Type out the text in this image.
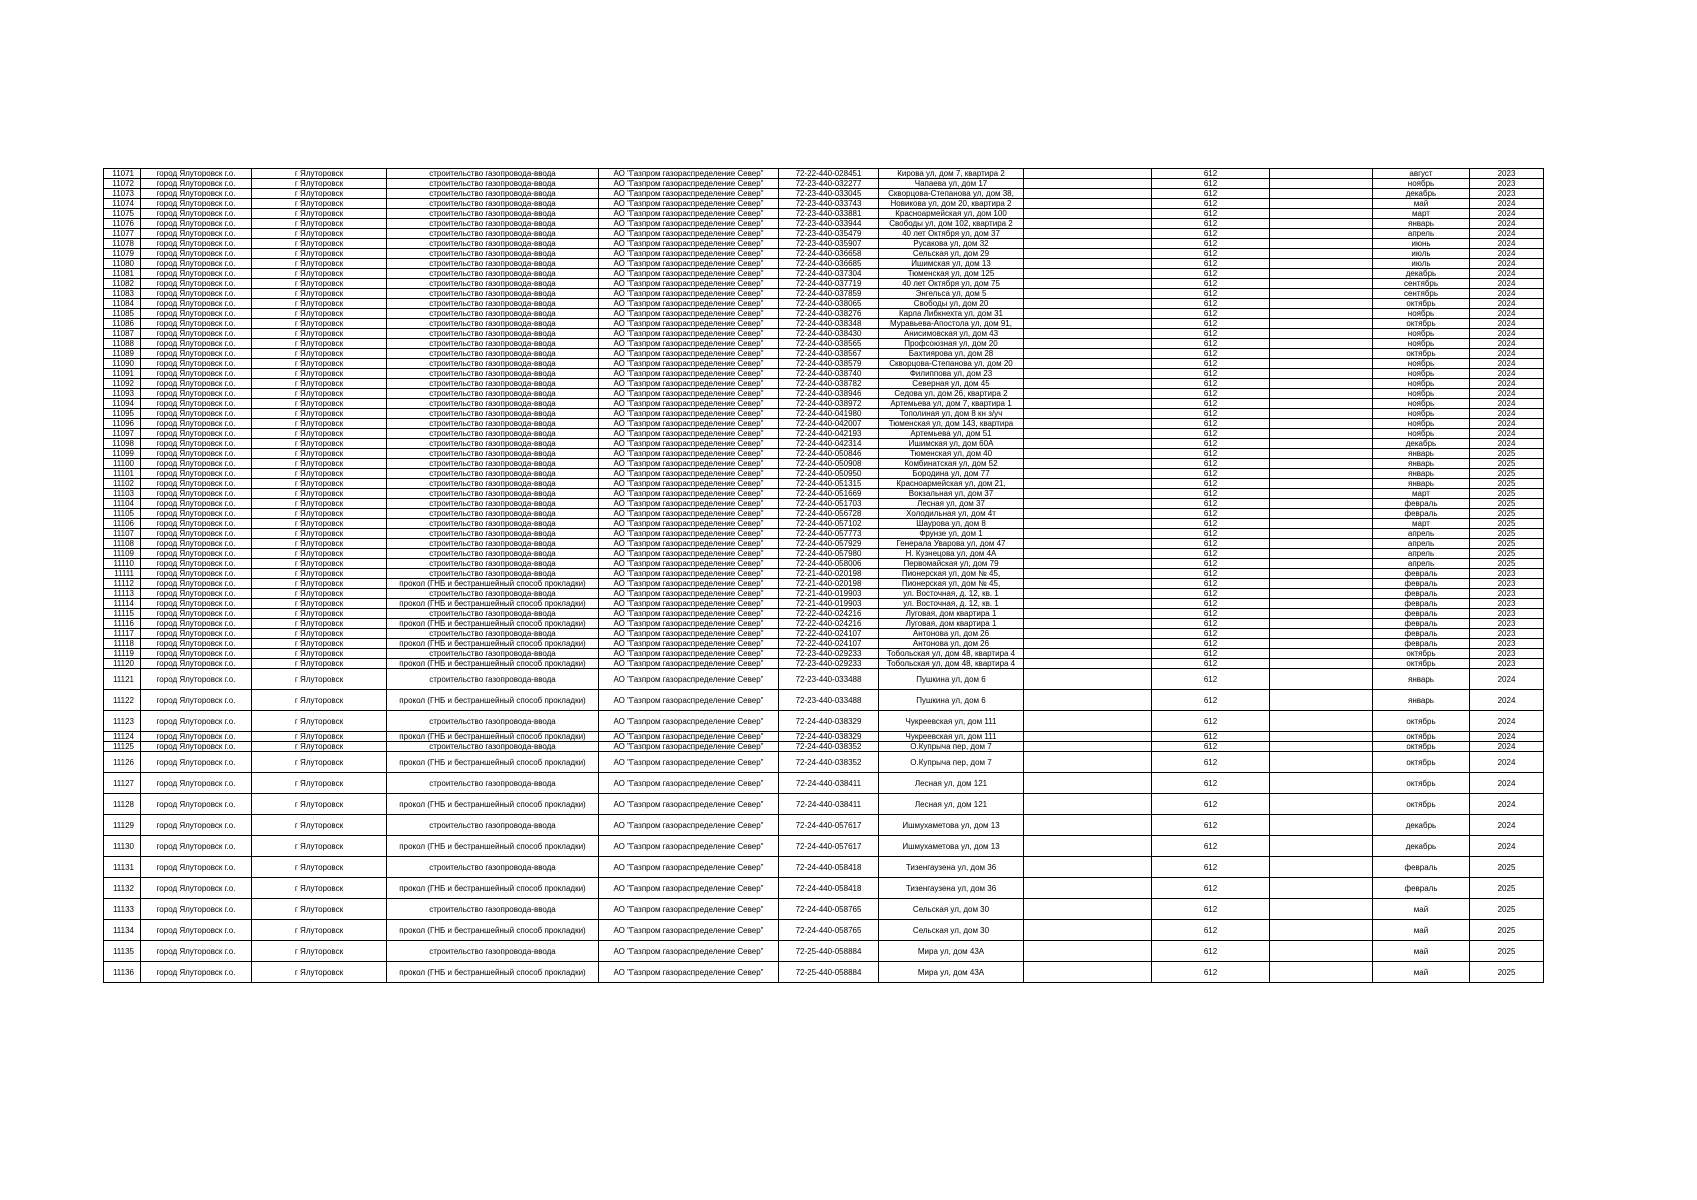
11071	город Ялуторовск г.о.	г Ялуторовск	строительство газопровода-ввода	АО "Газпром газораспределение Север"	72-22-440-028451	Кирова ул, дом 7, квартира 2		612		август	2023
11072	город Ялуторовск г.о.	г Ялуторовск	строительство газопровода-ввода	АО "Газпром газораспределение Север"	72-23-440-032277	Чапаева ул, дом 17		612		ноябрь	2023
11073	город Ялуторовск г.о.	г Ялуторовск	строительство газопровода-ввода	АО "Газпром газораспределение Север"	72-23-440-033045	Скворцова-Степанова ул, дом 38,		612		декабрь	2023
11074	город Ялуторовск г.о.	г Ялуторовск	строительство газопровода-ввода	АО "Газпром газораспределение Север"	72-23-440-033743	Новикова ул, дом 20, квартира 2		612		май	2024
11075	город Ялуторовск г.о.	г Ялуторовск	строительство газопровода-ввода	АО "Газпром газораспределение Север"	72-23-440-033881	Красноармейская ул, дом 100		612		март	2024
11076	город Ялуторовск г.о.	г Ялуторовск	строительство газопровода-ввода	АО "Газпром газораспределение Север"	72-23-440-033944	Свободы ул, дом 102, квартира 2		612		январь	2024
11077	город Ялуторовск г.о.	г Ялуторовск	строительство газопровода-ввода	АО "Газпром газораспределение Север"	72-23-440-035479	40 лет Октября ул, дом 37		612		апрель	2024
11078	город Ялуторовск г.о.	г Ялуторовск	строительство газопровода-ввода	АО "Газпром газораспределение Север"	72-23-440-035907	Русакова ул, дом 32		612		июнь	2024
11079	город Ялуторовск г.о.	г Ялуторовск	строительство газопровода-ввода	АО "Газпром газораспределение Север"	72-24-440-036658	Сельская ул, дом 29		612		июль	2024
11080	город Ялуторовск г.о.	г Ялуторовск	строительство газопровода-ввода	АО "Газпром газораспределение Север"	72-24-440-036685	Ишимская ул, дом 13		612		июль	2024
11081	город Ялуторовск г.о.	г Ялуторовск	строительство газопровода-ввода	АО "Газпром газораспределение Север"	72-24-440-037304	Тюменская ул, дом 125		612		декабрь	2024
11082	город Ялуторовск г.о.	г Ялуторовск	строительство газопровода-ввода	АО "Газпром газораспределение Север"	72-24-440-037719	40 лет Октября ул, дом 75		612		сентябрь	2024
11083	город Ялуторовск г.о.	г Ялуторовск	строительство газопровода-ввода	АО "Газпром газораспределение Север"	72-24-440-037859	Энгельса ул, дом 5		612		сентябрь	2024
11084	город Ялуторовск г.о.	г Ялуторовск	строительство газопровода-ввода	АО "Газпром газораспределение Север"	72-24-440-038065	Свободы ул, дом 20		612		октябрь	2024
11085	город Ялуторовск г.о.	г Ялуторовск	строительство газопровода-ввода	АО "Газпром газораспределение Север"	72-24-440-038276	Карла Либкнехта ул, дом 31		612		ноябрь	2024
11086	город Ялуторовск г.о.	г Ялуторовск	строительство газопровода-ввода	АО "Газпром газораспределение Север"	72-24-440-038348	Муравьева-Апостола ул, дом 91,		612		октябрь	2024
11087	город Ялуторовск г.о.	г Ялуторовск	строительство газопровода-ввода	АО "Газпром газораспределение Север"	72-24-440-038430	Анисимовская ул, дом 43		612		ноябрь	2024
11088	город Ялуторовск г.о.	г Ялуторовск	строительство газопровода-ввода	АО "Газпром газораспределение Север"	72-24-440-038565	Профсоюзная ул, дом 20		612		ноябрь	2024
11089	город Ялуторовск г.о.	г Ялуторовск	строительство газопровода-ввода	АО "Газпром газораспределение Север"	72-24-440-038567	Бахтиярова ул, дом 28		612		октябрь	2024
11090	город Ялуторовск г.о.	г Ялуторовск	строительство газопровода-ввода	АО "Газпром газораспределение Север"	72-24-440-038579	Скворцова-Степанова ул, дом 20		612		ноябрь	2024
11091	город Ялуторовск г.о.	г Ялуторовск	строительство газопровода-ввода	АО "Газпром газораспределение Север"	72-24-440-038740	Филиппова ул, дом 23		612		ноябрь	2024
11092	город Ялуторовск г.о.	г Ялуторовск	строительство газопровода-ввода	АО "Газпром газораспределение Север"	72-24-440-038782	Северная ул, дом 45		612		ноябрь	2024
11093	город Ялуторовск г.о.	г Ялуторовск	строительство газопровода-ввода	АО "Газпром газораспределение Север"	72-24-440-038946	Седова ул, дом 26, квартира 2		612		ноябрь	2024
11094	город Ялуторовск г.о.	г Ялуторовск	строительство газопровода-ввода	АО "Газпром газораспределение Север"	72-24-440-038972	Артемьева ул, дом 7, квартира 1		612		ноябрь	2024
11095	город Ялуторовск г.о.	г Ялуторовск	строительство газопровода-ввода	АО "Газпром газораспределение Север"	72-24-440-041980	Тополиная ул, дом 8 кн з/уч		612		ноябрь	2024
11096	город Ялуторовск г.о.	г Ялуторовск	строительство газопровода-ввода	АО "Газпром газораспределение Север"	72-24-440-042007	Тюменская ул, дом 143, квартира		612		ноябрь	2024
11097	город Ялуторовск г.о.	г Ялуторовск	строительство газопровода-ввода	АО "Газпром газораспределение Север"	72-24-440-042193	Артемьева ул, дом 51		612		ноябрь	2024
11098	город Ялуторовск г.о.	г Ялуторовск	строительство газопровода-ввода	АО "Газпром газораспределение Север"	72-24-440-042314	Ишимская ул, дом 60А		612		декабрь	2024
11099	город Ялуторовск г.о.	г Ялуторовск	строительство газопровода-ввода	АО "Газпром газораспределение Север"	72-24-440-050846	Тюменская ул, дом 40		612		январь	2025
11100	город Ялуторовск г.о.	г Ялуторовск	строительство газопровода-ввода	АО "Газпром газораспределение Север"	72-24-440-050908	Комбинатская ул, дом 52		612		январь	2025
11101	город Ялуторовск г.о.	г Ялуторовск	строительство газопровода-ввода	АО "Газпром газораспределение Север"	72-24-440-050950	Бородина ул, дом 77		612		январь	2025
11102	город Ялуторовск г.о.	г Ялуторовск	строительство газопровода-ввода	АО "Газпром газораспределение Север"	72-24-440-051315	Красноармейская ул, дом 21,		612		январь	2025
11103	город Ялуторовск г.о.	г Ялуторовск	строительство газопровода-ввода	АО "Газпром газораспределение Север"	72-24-440-051669	Вокзальная ул, дом 37		612		март	2025
11104	город Ялуторовск г.о.	г Ялуторовск	строительство газопровода-ввода	АО "Газпром газораспределение Север"	72-24-440-051703	Лесная ул, дом 37		612		февраль	2025
11105	город Ялуторовск г.о.	г Ялуторовск	строительство газопровода-ввода	АО "Газпром газораспределение Север"	72-24-440-056728	Холодильная ул, дом 4т		612		февраль	2025
11106	город Ялуторовск г.о.	г Ялуторовск	строительство газопровода-ввода	АО "Газпром газораспределение Север"	72-24-440-057102	Шаурова ул, дом 8		612		март	2025
11107	город Ялуторовск г.о.	г Ялуторовск	строительство газопровода-ввода	АО "Газпром газораспределение Север"	72-24-440-057773	Фрунзе ул, дом 1		612		апрель	2025
11108	город Ялуторовск г.о.	г Ялуторовск	строительство газопровода-ввода	АО "Газпром газораспределение Север"	72-24-440-057929	Генерала Уварова ул, дом 47		612		апрель	2025
11109	город Ялуторовск г.о.	г Ялуторовск	строительство газопровода-ввода	АО "Газпром газораспределение Север"	72-24-440-057980	Н. Кузнецова ул, дом 4А		612		апрель	2025
11110	город Ялуторовск г.о.	г Ялуторовск	строительство газопровода-ввода	АО "Газпром газораспределение Север"	72-24-440-058006	Первомайская ул, дом 79		612		апрель	2025
11111	город Ялуторовск г.о.	г Ялуторовск	строительство газопровода-ввода	АО "Газпром газораспределение Север"	72-21-440-020198	Пионерская ул, дом № 45,		612		февраль	2023
11112	город Ялуторовск г.о.	г Ялуторовск	прокол (ГНБ и бестраншейный способ прокладки)	АО "Газпром газораспределение Север"	72-21-440-020198	Пионерская ул, дом № 45,		612		февраль	2023
11113	город Ялуторовск г.о.	г Ялуторовск	строительство газопровода-ввода	АО "Газпром газораспределение Север"	72-21-440-019903	ул. Восточная, д. 12, кв. 1		612		февраль	2023
11114	город Ялуторовск г.о.	г Ялуторовск	прокол (ГНБ и бестраншейный способ прокладки)	АО "Газпром газораспределение Север"	72-21-440-019903	ул. Восточная, д. 12, кв. 1		612		февраль	2023
11115	город Ялуторовск г.о.	г Ялуторовск	строительство газопровода-ввода	АО "Газпром газораспределение Север"	72-22-440-024216	Луговая, дом квартира 1		612		февраль	2023
11116	город Ялуторовск г.о.	г Ялуторовск	прокол (ГНБ и бестраншейный способ прокладки)	АО "Газпром газораспределение Север"	72-22-440-024216	Луговая, дом квартира 1		612		февраль	2023
11117	город Ялуторовск г.о.	г Ялуторовск	строительство газопровода-ввода	АО "Газпром газораспределение Север"	72-22-440-024107	Антонова ул, дом 26		612		февраль	2023
11118	город Ялуторовск г.о.	г Ялуторовск	прокол (ГНБ и бестраншейный способ прокладки)	АО "Газпром газораспределение Север"	72-22-440-024107	Антонова ул, дом 26		612		февраль	2023
11119	город Ялуторовск г.о.	г Ялуторовск	строительство газопровода-ввода	АО "Газпром газораспределение Север"	72-23-440-029233	Тобольская ул, дом 48, квартира 4		612		октябрь	2023
11120	город Ялуторовск г.о.	г Ялуторовск	прокол (ГНБ и бестраншейный способ прокладки)	АО "Газпром газораспределение Север"	72-23-440-029233	Тобольская ул, дом 48, квартира 4		612		октябрь	2023
11121	город Ялуторовск г.о.	г Ялуторовск	строительство газопровода-ввода	АО "Газпром газораспределение Север"	72-23-440-033488	Пушкина ул, дом 6		612		январь	2024
11122	город Ялуторовск г.о.	г Ялуторовск	прокол (ГНБ и бестраншейный способ прокладки)	АО "Газпром газораспределение Север"	72-23-440-033488	Пушкина ул, дом 6		612		январь	2024
11123	город Ялуторовск г.о.	г Ялуторовск	строительство газопровода-ввода	АО "Газпром газораспределение Север"	72-24-440-038329	Чукреевская ул, дом 111		612		октябрь	2024
11124	город Ялуторовск г.о.	г Ялуторовск	прокол (ГНБ и бестраншейный способ прокладки)	АО "Газпром газораспределение Север"	72-24-440-038329	Чукреевская ул, дом 111		612		октябрь	2024
11125	город Ялуторовск г.о.	г Ялуторовск	строительство газопровода-ввода	АО "Газпром газораспределение Север"	72-24-440-038352	О.Купрыча пер, дом 7		612		октябрь	2024
11126	город Ялуторовск г.о.	г Ялуторовск	прокол (ГНБ и бестраншейный способ прокладки)	АО "Газпром газораспределение Север"	72-24-440-038352	О.Купрыча пер, дом 7		612		октябрь	2024
11127	город Ялуторовск г.о.	г Ялуторовск	строительство газопровода-ввода	АО "Газпром газораспределение Север"	72-24-440-038411	Лесная ул, дом 121		612		октябрь	2024
11128	город Ялуторовск г.о.	г Ялуторовск	прокол (ГНБ и бестраншейный способ прокладки)	АО "Газпром газораспределение Север"	72-24-440-038411	Лесная ул, дом 121		612		октябрь	2024
11129	город Ялуторовск г.о.	г Ялуторовск	строительство газопровода-ввода	АО "Газпром газораспределение Север"	72-24-440-057617	Ишмухаметова ул, дом 13		612		декабрь	2024
11130	город Ялуторовск г.о.	г Ялуторовск	прокол (ГНБ и бестраншейный способ прокладки)	АО "Газпром газораспределение Север"	72-24-440-057617	Ишмухаметова ул, дом 13		612		декабрь	2024
11131	город Ялуторовск г.о.	г Ялуторовск	строительство газопровода-ввода	АО "Газпром газораспределение Север"	72-24-440-058418	Тизенгаузена ул, дом 36		612		февраль	2025
11132	город Ялуторовск г.о.	г Ялуторовск	прокол (ГНБ и бестраншейный способ прокладки)	АО "Газпром газораспределение Север"	72-24-440-058418	Тизенгаузена ул, дом 36		612		февраль	2025
11133	город Ялуторовск г.о.	г Ялуторовск	строительство газопровода-ввода	АО "Газпром газораспределение Север"	72-24-440-058765	Сельская ул, дом 30		612		май	2025
11134	город Ялуторовск г.о.	г Ялуторовск	прокол (ГНБ и бестраншейный способ прокладки)	АО "Газпром газораспределение Север"	72-24-440-058765	Сельская ул, дом 30		612		май	2025
11135	город Ялуторовск г.о.	г Ялуторовск	строительство газопровода-ввода	АО "Газпром газораспределение Север"	72-25-440-058884	Мира ул, дом 43А		612		май	2025
11136	город Ялуторовск г.о.	г Ялуторовск	прокол (ГНБ и бестраншейный способ прокладки)	АО "Газпром газораспределение Север"	72-25-440-058884	Мира ул, дом 43А		612		май	2025
